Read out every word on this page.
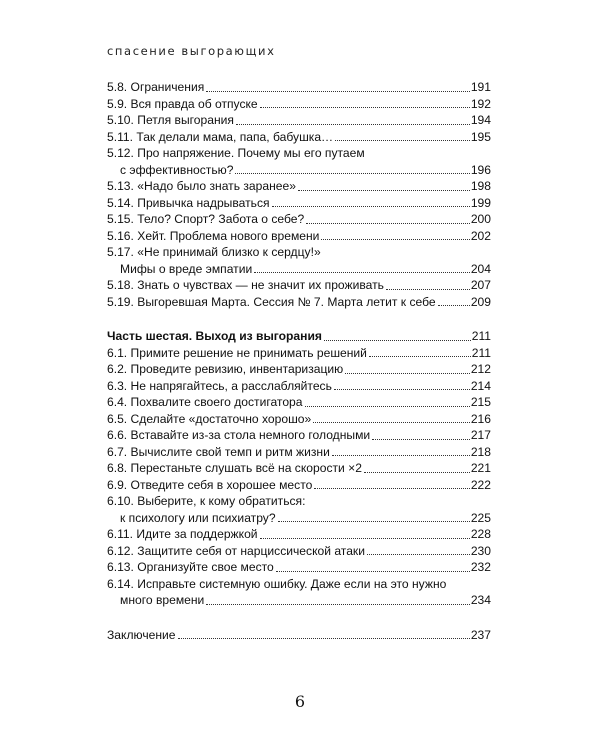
спасение выгорающих
5.8. Ограничения	191
5.9. Вся правда об отпуске	192
5.10. Петля выгорания	194
5.11. Так делали мама, папа, бабушка…	195
5.12. Про напряжение. Почему мы его путаем
с эффективностью?	196
5.13. «Надо было знать заранее»	198
5.14. Привычка надрываться	199
5.15. Тело? Спорт? Забота о себе?	200
5.16. Хейт. Проблема нового времени	202
5.17. «Не принимай близко к сердцу!»
Мифы о вреде эмпатии	204
5.18. Знать о чувствах — не значит их проживать	207
5.19. Выгоревшая Марта. Сессия № 7. Марта летит к себе	209
Часть шестая. Выход из выгорания	211
6.1. Примите решение не принимать решений	211
6.2. Проведите ревизию, инвентаризацию	212
6.3. Не напрягайтесь, а расслабляйтесь	214
6.4. Похвалите своего достигатора	215
6.5. Сделайте «достаточно хорошо»	216
6.6. Вставайте из-за стола немного голодными	217
6.7. Вычислите свой темп и ритм жизни	218
6.8. Перестаньте слушать всё на скорости ×2	221
6.9. Отведите себя в хорошее место	222
6.10. Выберите, к кому обратиться:
к психологу или психиатру?	225
6.11. Идите за поддержкой	228
6.12. Защитите себя от нарциссической атаки	230
6.13. Организуйте свое место	232
6.14. Исправьте системную ошибку. Даже если на это нужно
много времени	234
Заключение	237
6
